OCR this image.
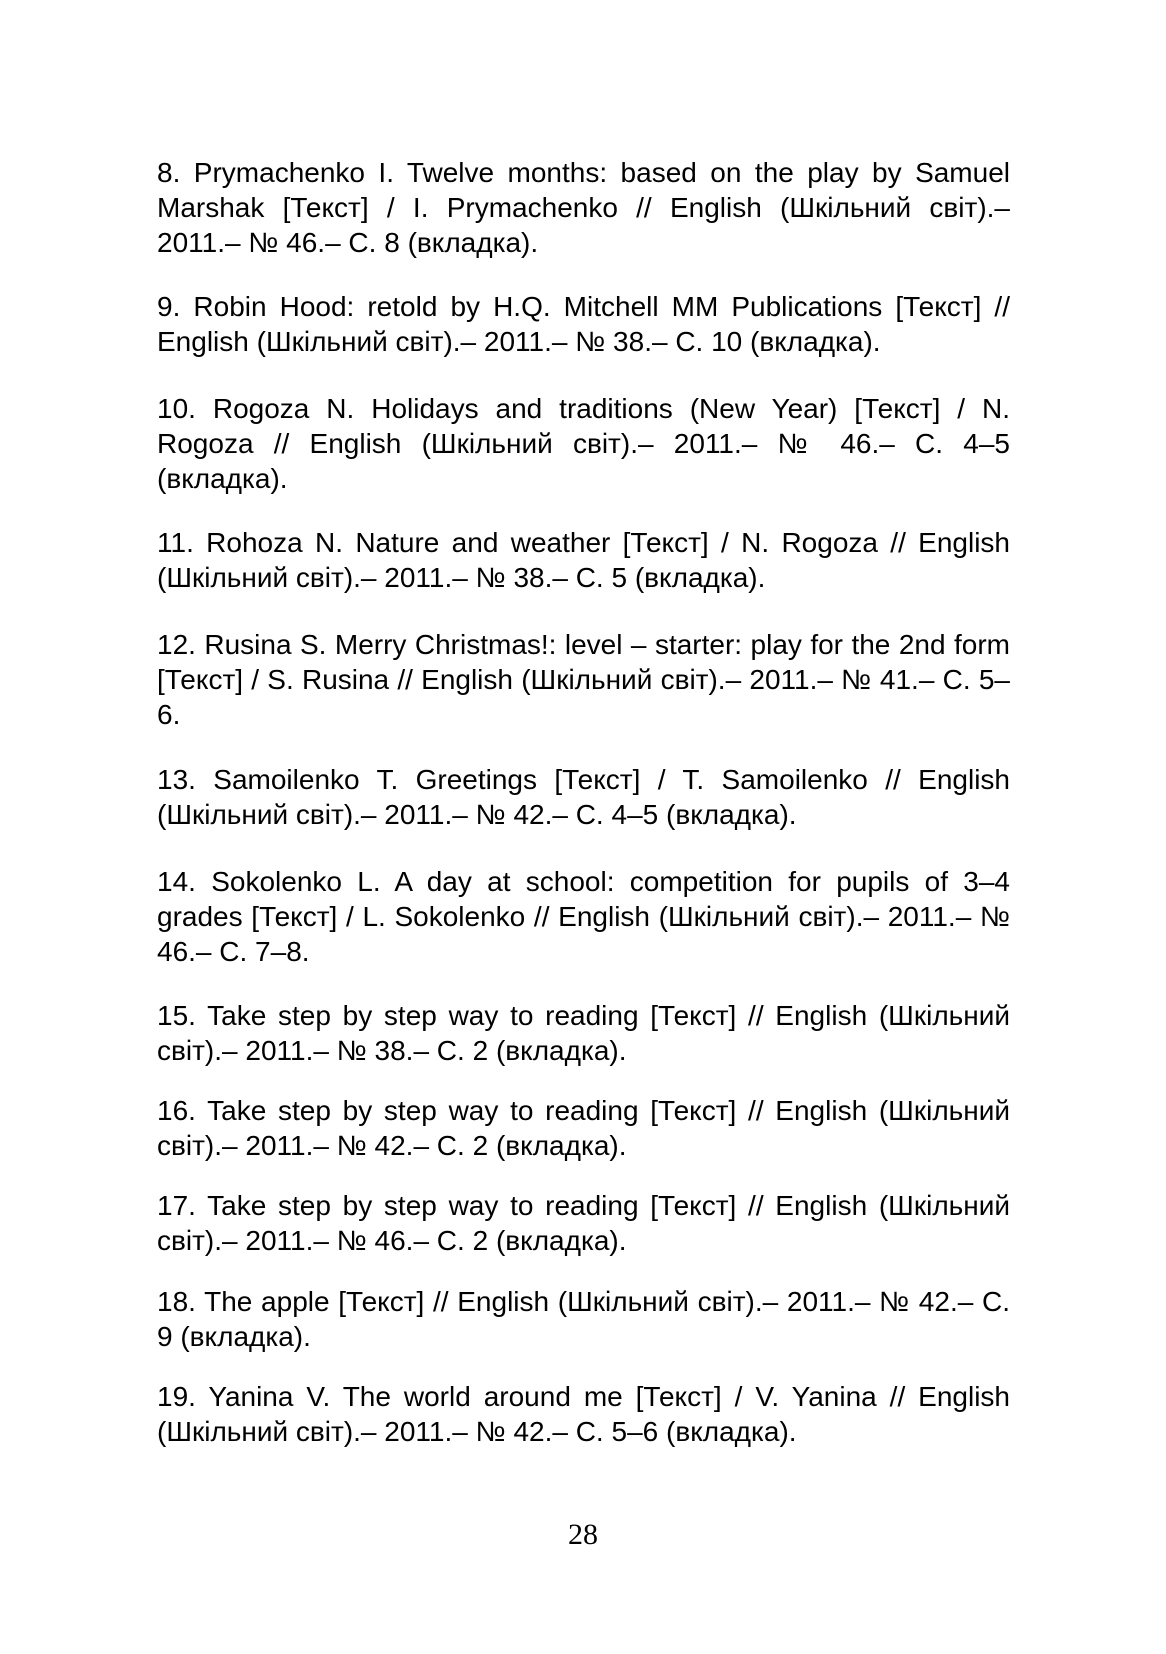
8. Prymachenko I. Twelve months: based on the play by Samuel Marshak [Текст] / I. Prymachenko // English (Шкільний світ).– 2011.– № 46.– С. 8 (вкладка).
9. Robin Hood: retold by H.Q. Mitchell MM Publications [Текст] // English (Шкільний світ).– 2011.– № 38.– С. 10 (вкладка).
10. Rogoza N. Holidays and traditions (New Year) [Текст] / N. Rogoza // English (Шкільний світ).– 2011.– № 46.– С. 4–5 (вкладка).
11. Rohoza N. Nature and weather [Текст] / N. Rogoza // English (Шкільний світ).– 2011.– № 38.– С. 5 (вкладка).
12. Rusina S. Merry Christmas!: level – starter: play for the 2nd form [Текст] / S. Rusina // English (Шкільний світ).– 2011.– № 41.– С. 5–6.
13. Samoilenko T. Greetings [Текст] / T. Samoilenko // English (Шкільний світ).– 2011.– № 42.– С. 4–5 (вкладка).
14. Sokolenko L. A day at school: competition for pupils of 3–4 grades [Текст] / L. Sokolenko // English (Шкільний світ).– 2011.– № 46.– С. 7–8.
15. Take step by step way to reading [Текст] // English (Шкільний світ).– 2011.– № 38.– С. 2 (вкладка).
16. Take step by step way to reading [Текст] // English (Шкільний світ).– 2011.– № 42.– С. 2 (вкладка).
17. Take step by step way to reading [Текст] // English (Шкільний світ).– 2011.– № 46.– С. 2 (вкладка).
18. The apple [Текст] // English (Шкільний світ).– 2011.– № 42.– С. 9 (вкладка).
19. Yanina V. The world around me [Текст] / V. Yanina // English (Шкільний світ).– 2011.– № 42.– С. 5–6 (вкладка).
28
